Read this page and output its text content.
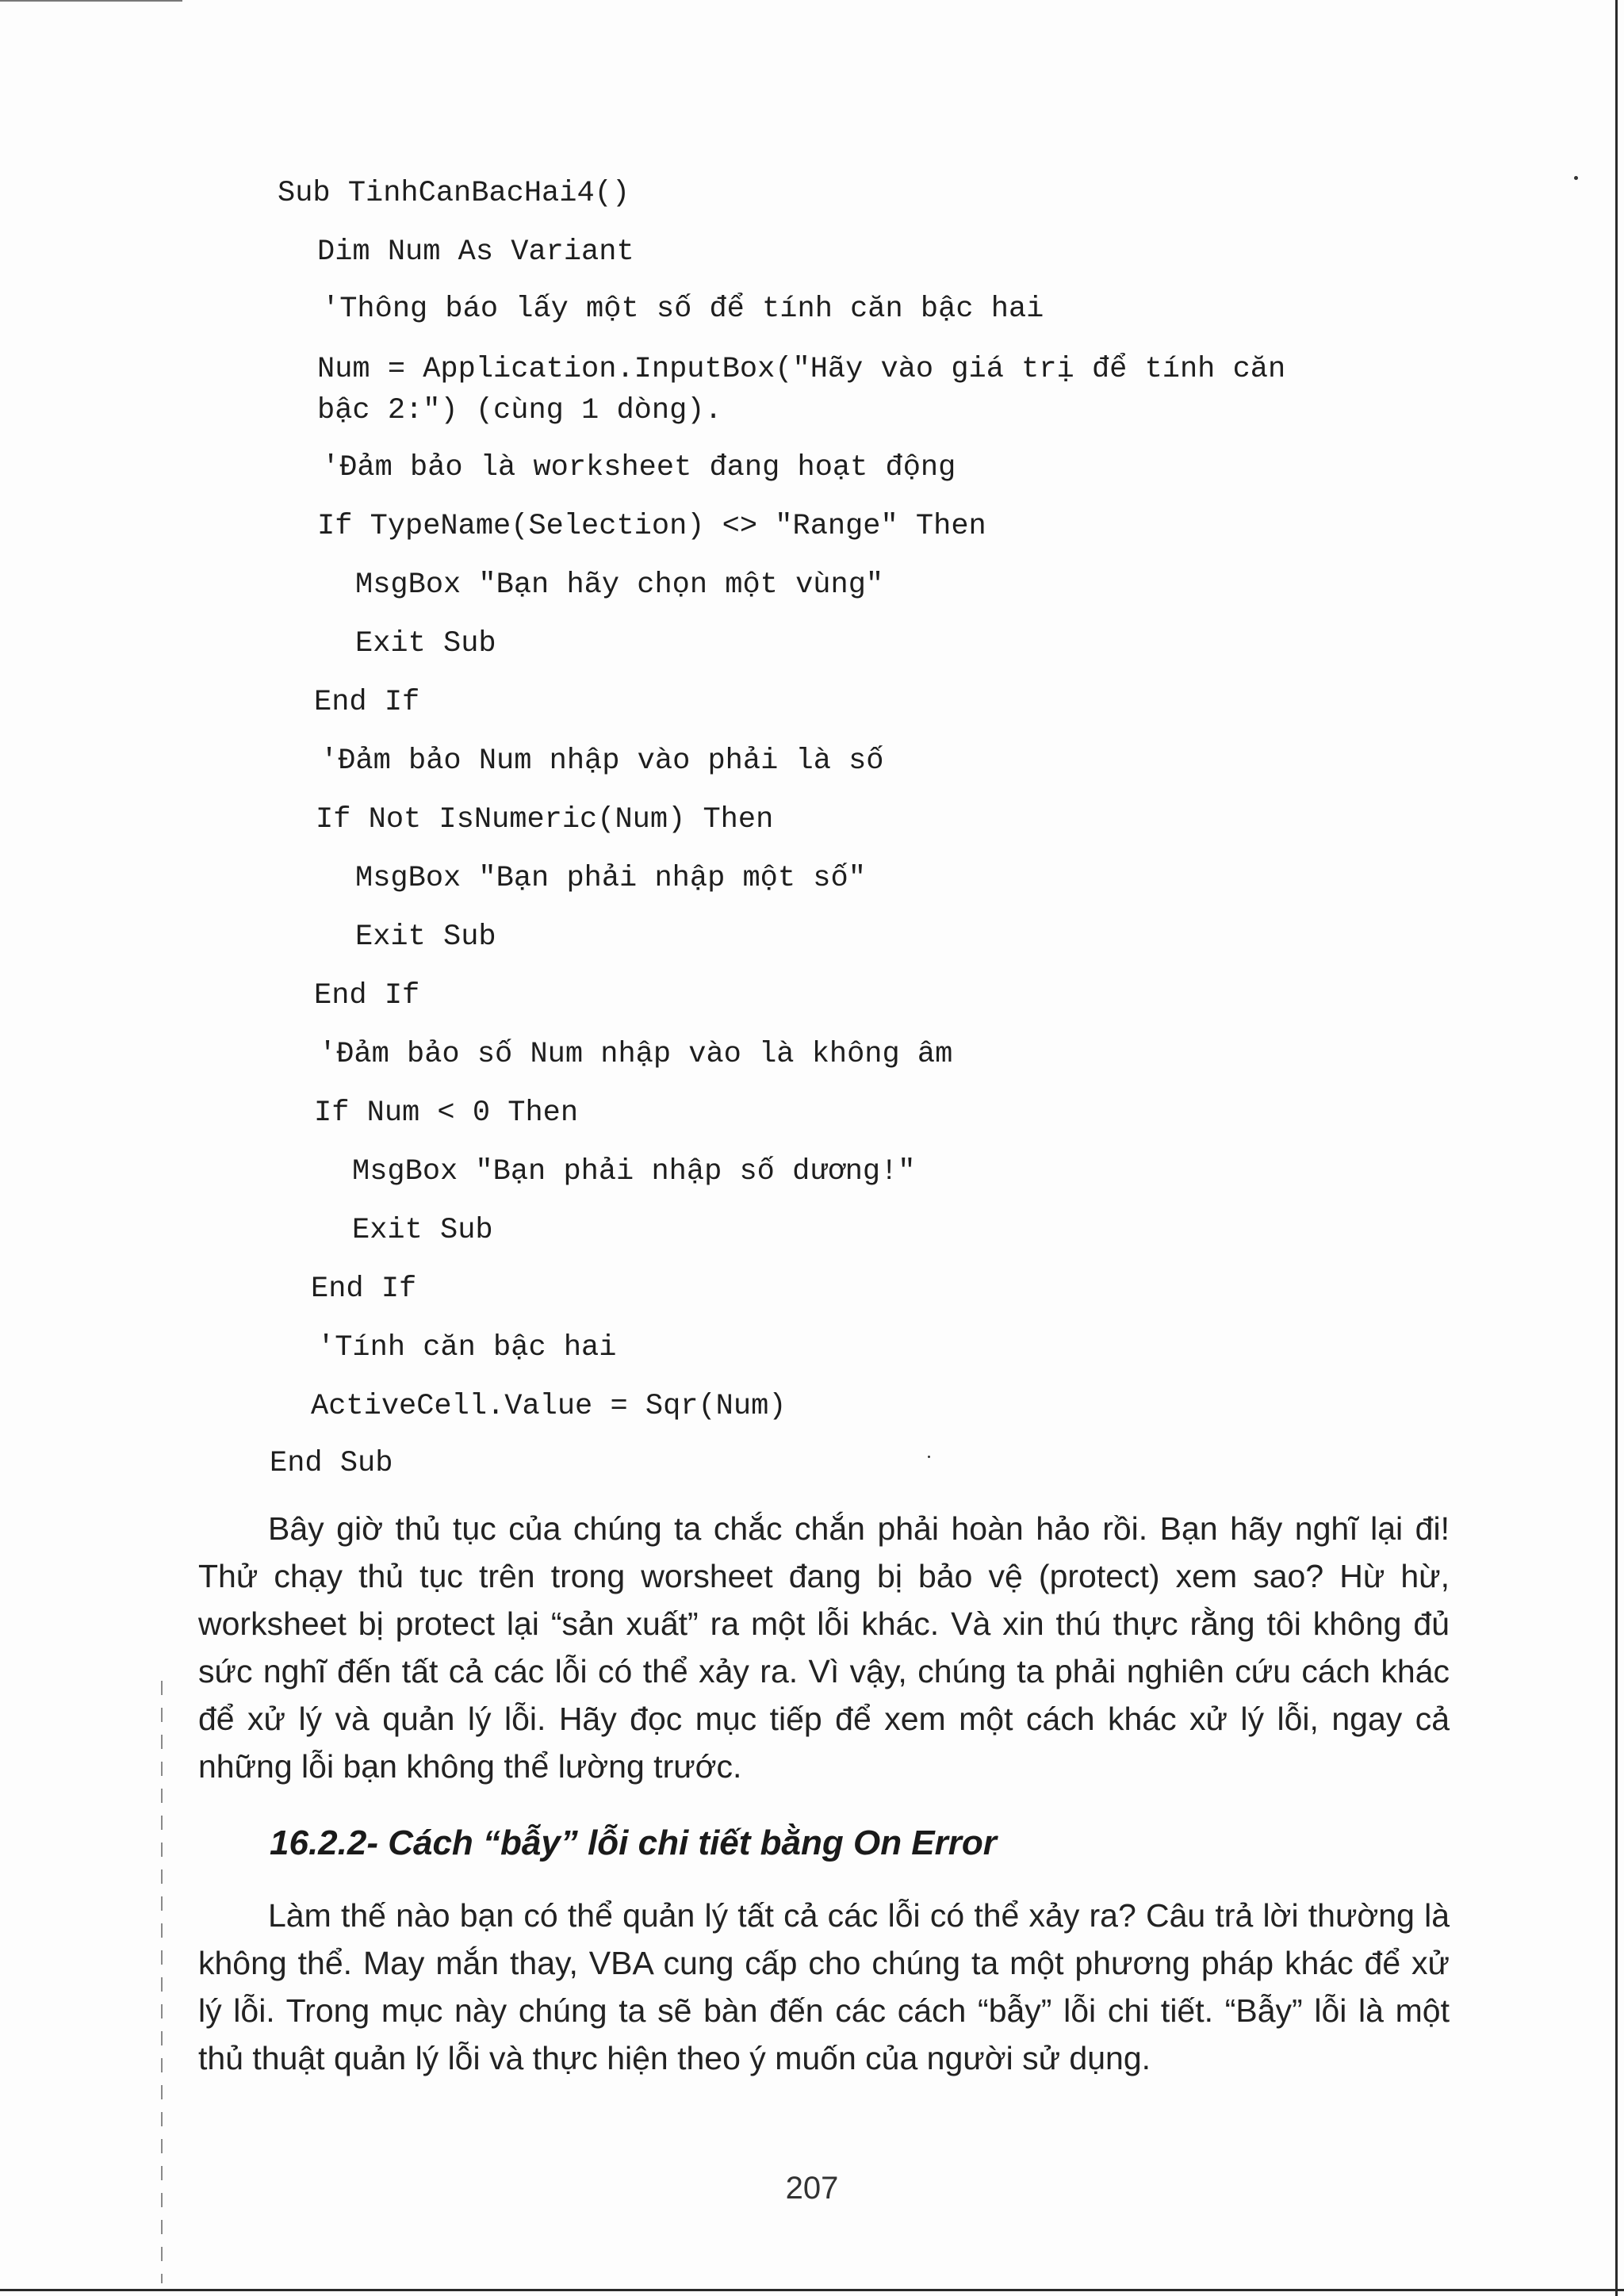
Sub TinhCanBacHai4()

Dim Num As Variant

'Thông báo lấy một số để tính căn bậc hai

Num = Application.InputBox("Hãy vào giá trị để tính căn

bậc 2:") (cùng 1 dòng).

'Đảm bảo là worksheet đang hoạt động

If TypeName(Selection) <> "Range" Then

MsgBox "Bạn hãy chọn một vùng"

Exit Sub

End If

'Đảm bảo Num nhập vào phải là số

If Not IsNumeric(Num) Then

MsgBox "Bạn phải nhập một số"

Exit Sub

End If

'Đảm bảo số Num nhập vào là không âm

If Num < 0 Then

MsgBox "Bạn phải nhập số dương!"

Exit Sub

End If

'Tính căn bậc hai

ActiveCell.Value = Sqr(Num)

End Sub

Bây giờ thủ tục của chúng ta chắc chắn phải hoàn hảo rồi. Bạn hãy nghĩ lại đi! Thử chạy thủ tục trên trong worsheet đang bị bảo vệ (protect) xem sao? Hừ hừ, worksheet bị protect lại “sản xuất” ra một lỗi khác. Và xin thú thực rằng tôi không đủ sức nghĩ đến tất cả các lỗi có thể xảy ra. Vì vậy, chúng ta phải nghiên cứu cách khác để xử lý và quản lý lỗi. Hãy đọc mục tiếp để xem một cách khác xử lý lỗi, ngay cả những lỗi bạn không thể lường trước.

16.2.2- Cách “bẫy” lỗi chi tiết bằng On Error

Làm thế nào bạn có thể quản lý tất cả các lỗi có thể xảy ra? Câu trả lời thường là không thể. May mắn thay, VBA cung cấp cho chúng ta một phương pháp khác để xử lý lỗi. Trong mục này chúng ta sẽ bàn đến các cách “bẫy” lỗi chi tiết. “Bẫy” lỗi là một thủ thuật quản lý lỗi và thực hiện theo ý muốn của người sử dụng.

207
